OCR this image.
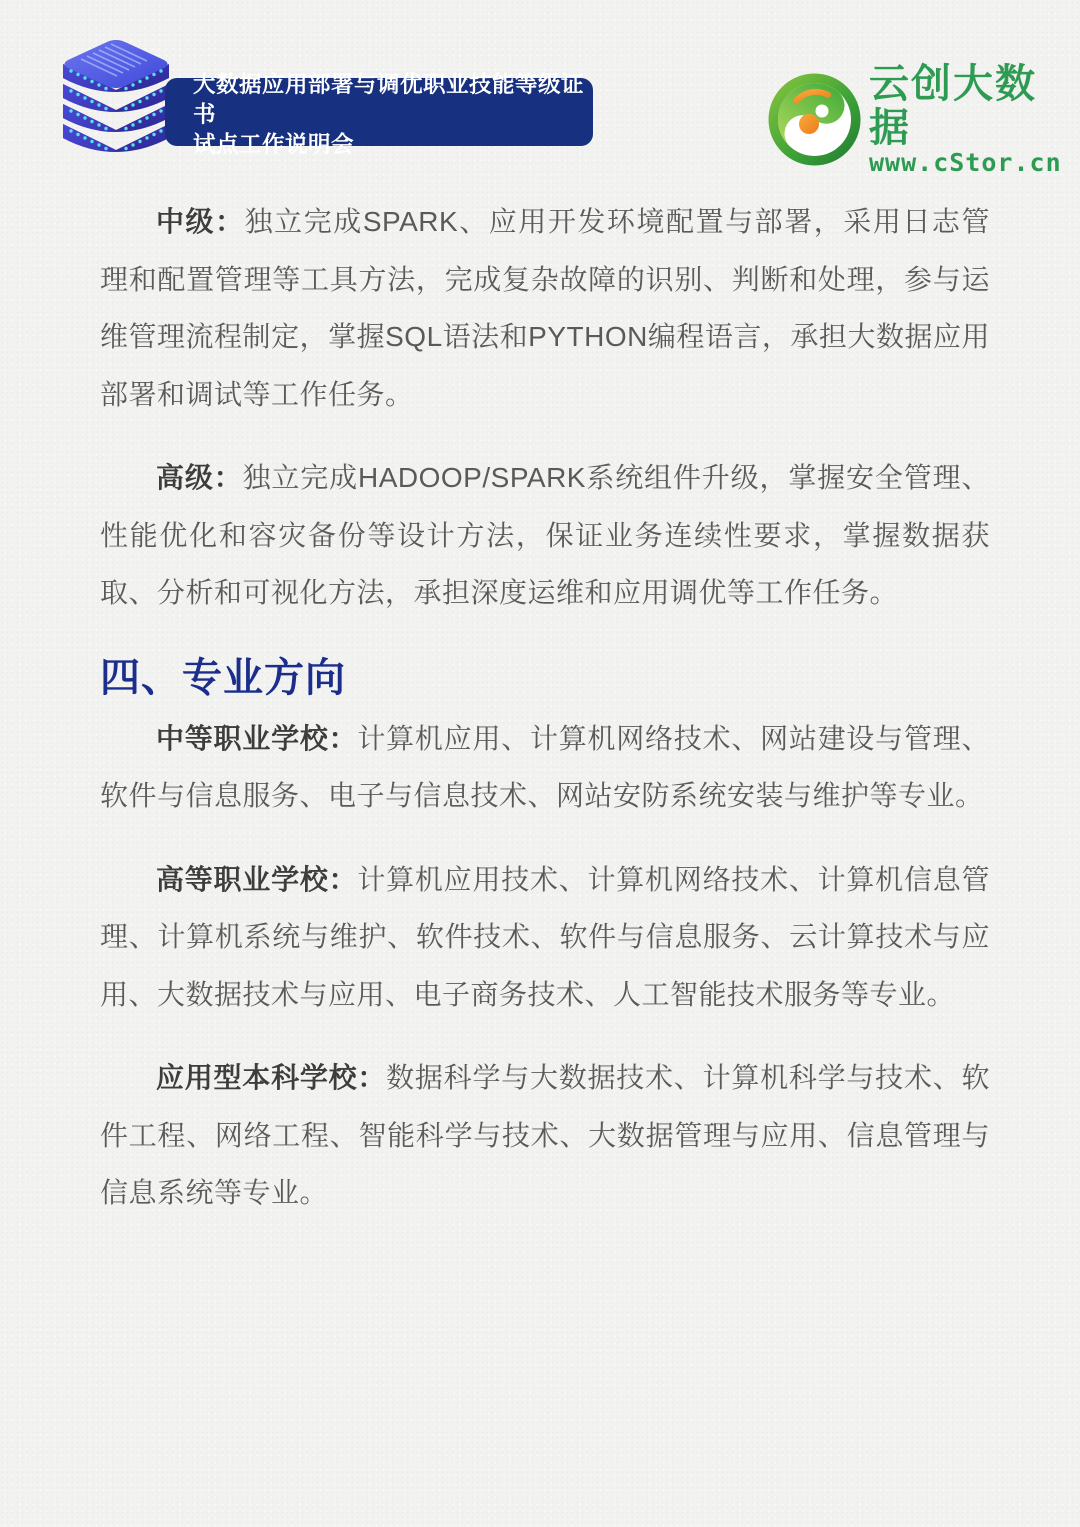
大数据应用部署与调优职业技能等级证书
试点工作说明会
云创大数据
www.cStor.cn

中级：独立完成SPARK、应用开发环境配置与部署，采用日志管理和配置管理等工具方法，完成复杂故障的识别、判断和处理，参与运维管理流程制定，掌握SQL语法和PYTHON编程语言，承担大数据应用部署和调试等工作任务。

高级：独立完成HADOOP/SPARK系统组件升级，掌握安全管理、性能优化和容灾备份等设计方法，保证业务连续性要求，掌握数据获取、分析和可视化方法，承担深度运维和应用调优等工作任务。

四、专业方向

中等职业学校：计算机应用、计算机网络技术、网站建设与管理、软件与信息服务、电子与信息技术、网站安防系统安装与维护等专业。

高等职业学校：计算机应用技术、计算机网络技术、计算机信息管理、计算机系统与维护、软件技术、软件与信息服务、云计算技术与应用、大数据技术与应用、电子商务技术、人工智能技术服务等专业。

应用型本科学校：数据科学与大数据技术、计算机科学与技术、软件工程、网络工程、智能科学与技术、大数据管理与应用、信息管理与信息系统等专业。
